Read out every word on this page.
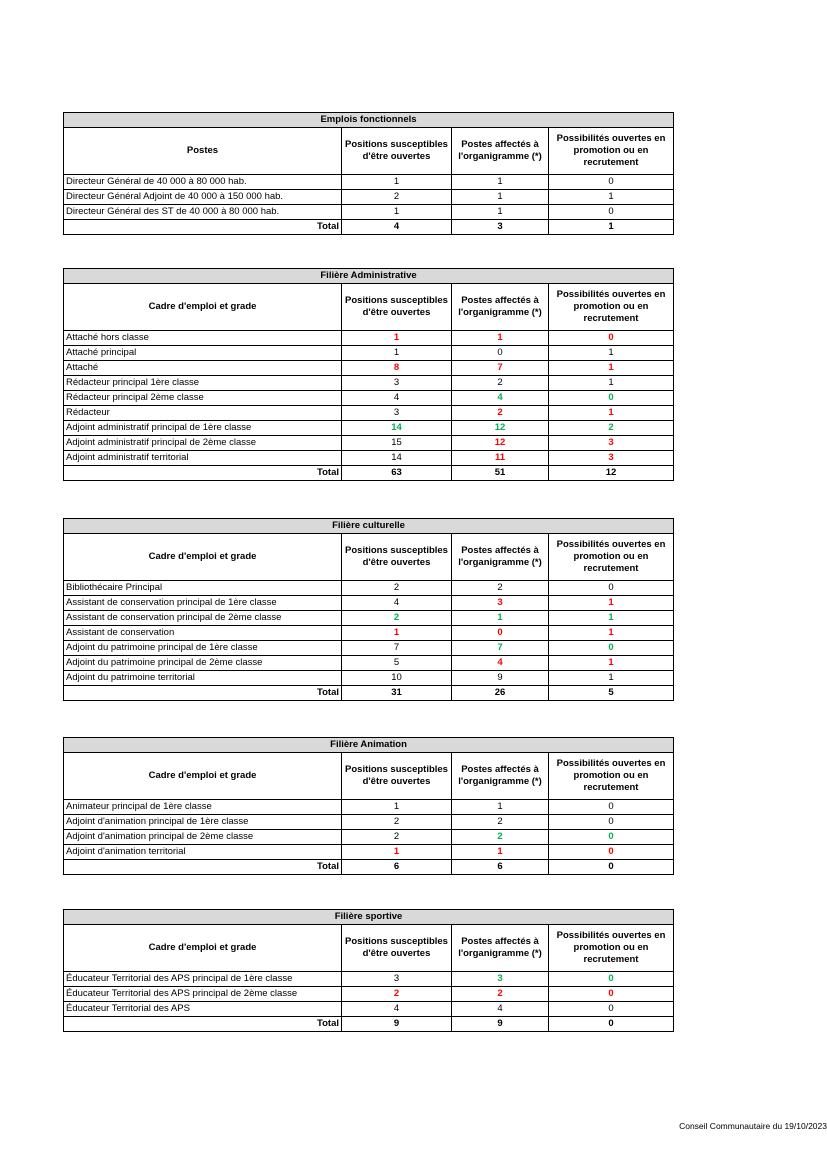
Emplois fonctionnels			
Postes	Positions susceptibles d'être ouvertes	Postes affectés à l'organigramme (*)	Possibilités ouvertes en promotion ou en recrutement
Directeur Général de 40 000 à 80 000 hab.	1	1	0
Directeur Général Adjoint de 40 000 à 150 000 hab.	2	1	1
Directeur Général des ST de 40 000 à 80 000 hab.	1	1	0
Total	4	3	1
Filière Administrative			
Cadre d'emploi et grade	Positions susceptibles d'être ouvertes	Postes affectés à l'organigramme (*)	Possibilités ouvertes en promotion ou en recrutement
Attaché hors classe	1	1	0
Attaché principal	1	0	1
Attaché	8	7	1
Rédacteur principal 1ère classe	3	2	1
Rédacteur principal 2ème classe	4	4	0
Rédacteur	3	2	1
Adjoint administratif principal de 1ère classe	14	12	2
Adjoint administratif principal de 2ème classe	15	12	3
Adjoint administratif territorial	14	11	3
Total	63	51	12
Filière culturelle			
Cadre d'emploi et grade	Positions susceptibles d'être ouvertes	Postes affectés à l'organigramme (*)	Possibilités ouvertes en promotion ou en recrutement
Bibliothécaire Principal	2	2	0
Assistant de conservation principal de 1ère classe	4	3	1
Assistant de conservation principal de 2ème classe	2	1	1
Assistant de conservation	1	0	1
Adjoint du patrimoine principal de 1ère classe	7	7	0
Adjoint du patrimoine principal de 2ème classe	5	4	1
Adjoint du patrimoine territorial	10	9	1
Total	31	26	5
Filière Animation			
Cadre d'emploi et grade	Positions susceptibles d'être ouvertes	Postes affectés à l'organigramme (*)	Possibilités ouvertes en promotion ou en recrutement
Animateur principal de 1ère classe	1	1	0
Adjoint d'animation principal de 1ère classe	2	2	0
Adjoint d'animation principal de 2ème classe	2	2	0
Adjoint d'animation territorial	1	1	0
Total	6	6	0
Filière sportive			
Cadre d'emploi et grade	Positions susceptibles d'être ouvertes	Postes affectés à l'organigramme (*)	Possibilités ouvertes en promotion ou en recrutement
Éducateur Territorial des APS principal de 1ère classe	3	3	0
Éducateur Territorial des APS principal de 2ème classe	2	2	0
Éducateur Territorial des APS	4	4	0
Total	9	9	0
Conseil Communautaire du 19/10/2023
